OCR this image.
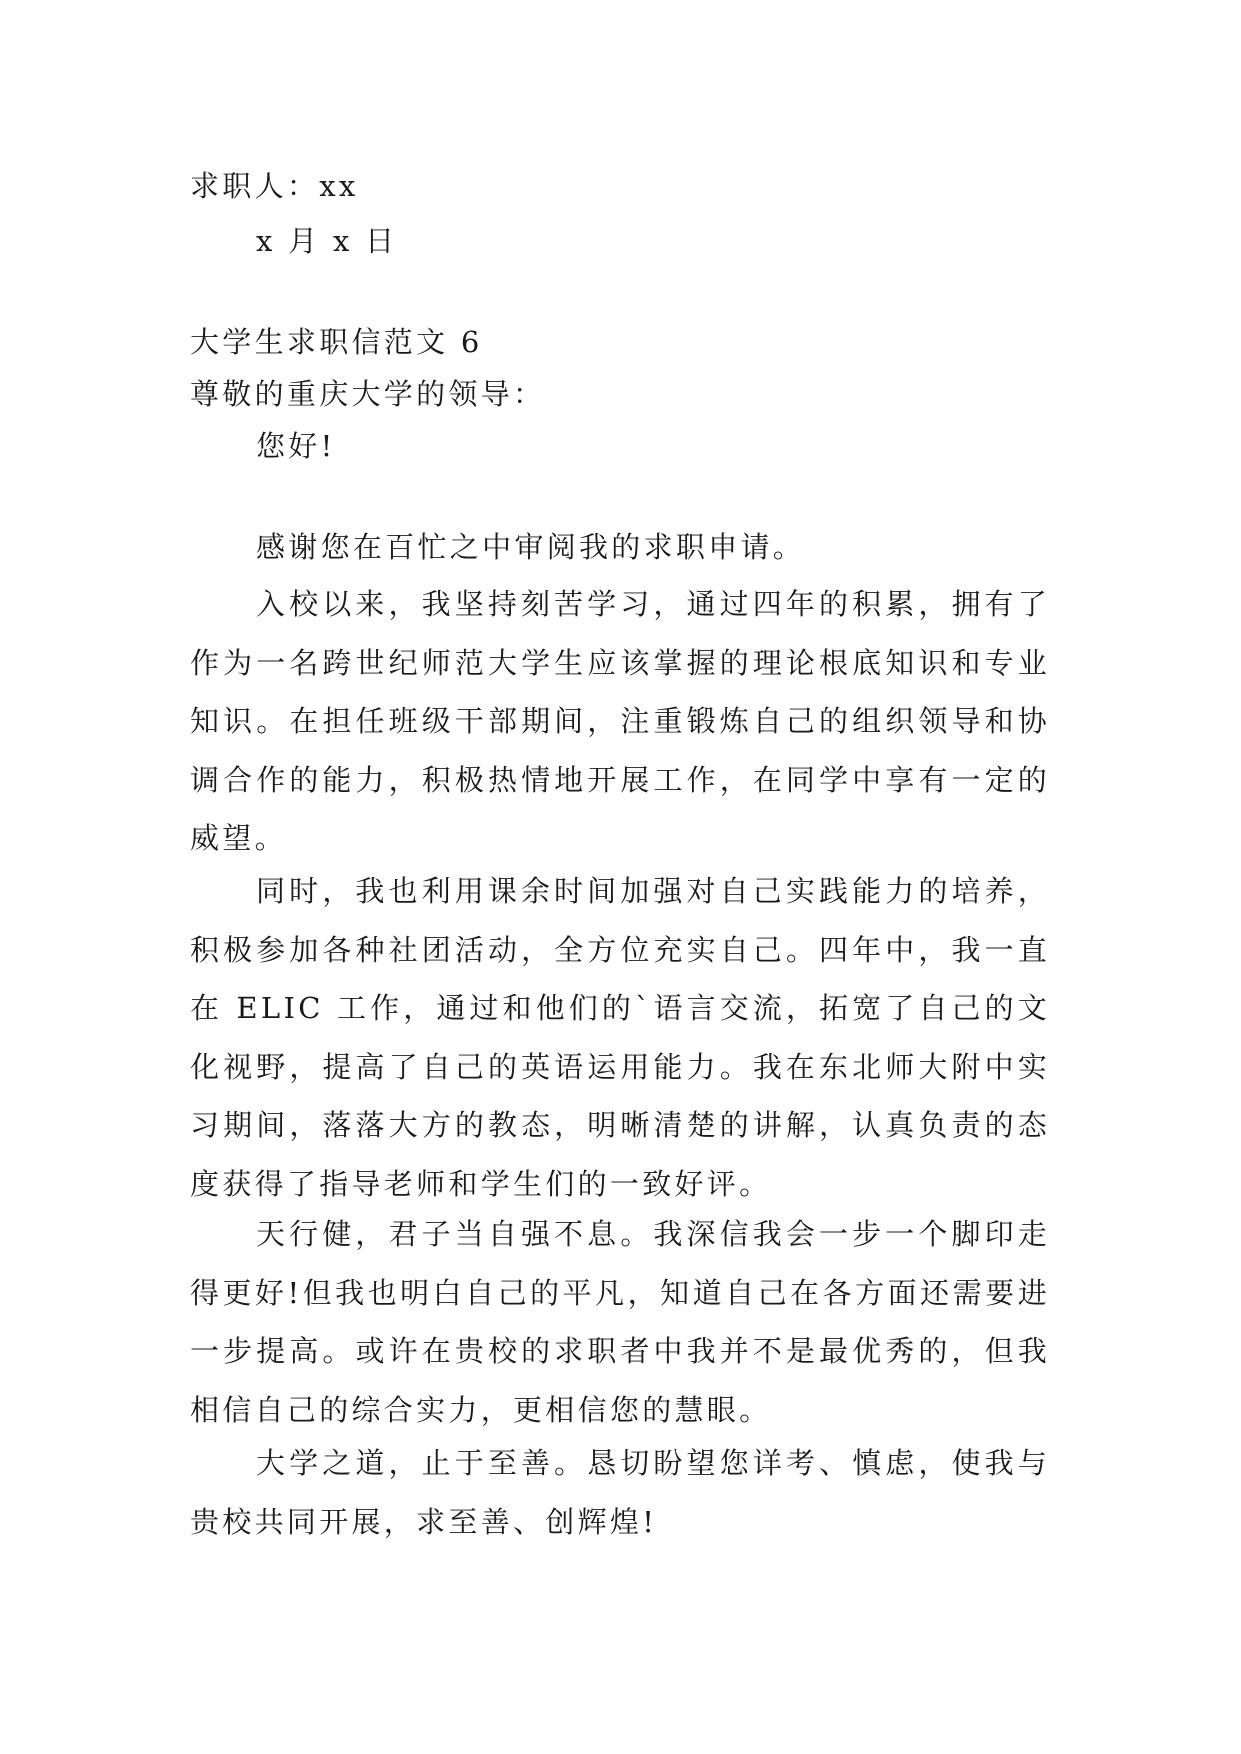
求职人：xx
x 月 x 日
大学生求职信范文 6
尊敬的重庆大学的领导：
您好!

感谢您在百忙之中审阅我的求职申请。

入校以来，我坚持刻苦学习，通过四年的积累，拥有了作为一名跨世纪师范大学生应该掌握的理论根底知识和专业知识。在担任班级干部期间，注重锻炼自己的组织领导和协调合作的能力，积极热情地开展工作，在同学中享有一定的威望。

同时，我也利用课余时间加强对自己实践能力的培养，积极参加各种社团活动，全方位充实自己。四年中，我一直在 ELIC 工作，通过和他们的`语言交流，拓宽了自己的文化视野，提高了自己的英语运用能力。我在东北师大附中实习期间，落落大方的教态，明晰清楚的讲解，认真负责的态度获得了指导老师和学生们的一致好评。

天行健，君子当自强不息。我深信我会一步一个脚印走得更好!但我也明白自己的平凡，知道自己在各方面还需要进一步提高。或许在贵校的求职者中我并不是最优秀的，但我相信自己的综合实力，更相信您的慧眼。

大学之道，止于至善。恳切盼望您详考、慎虑，使我与贵校共同开展，求至善、创辉煌!
